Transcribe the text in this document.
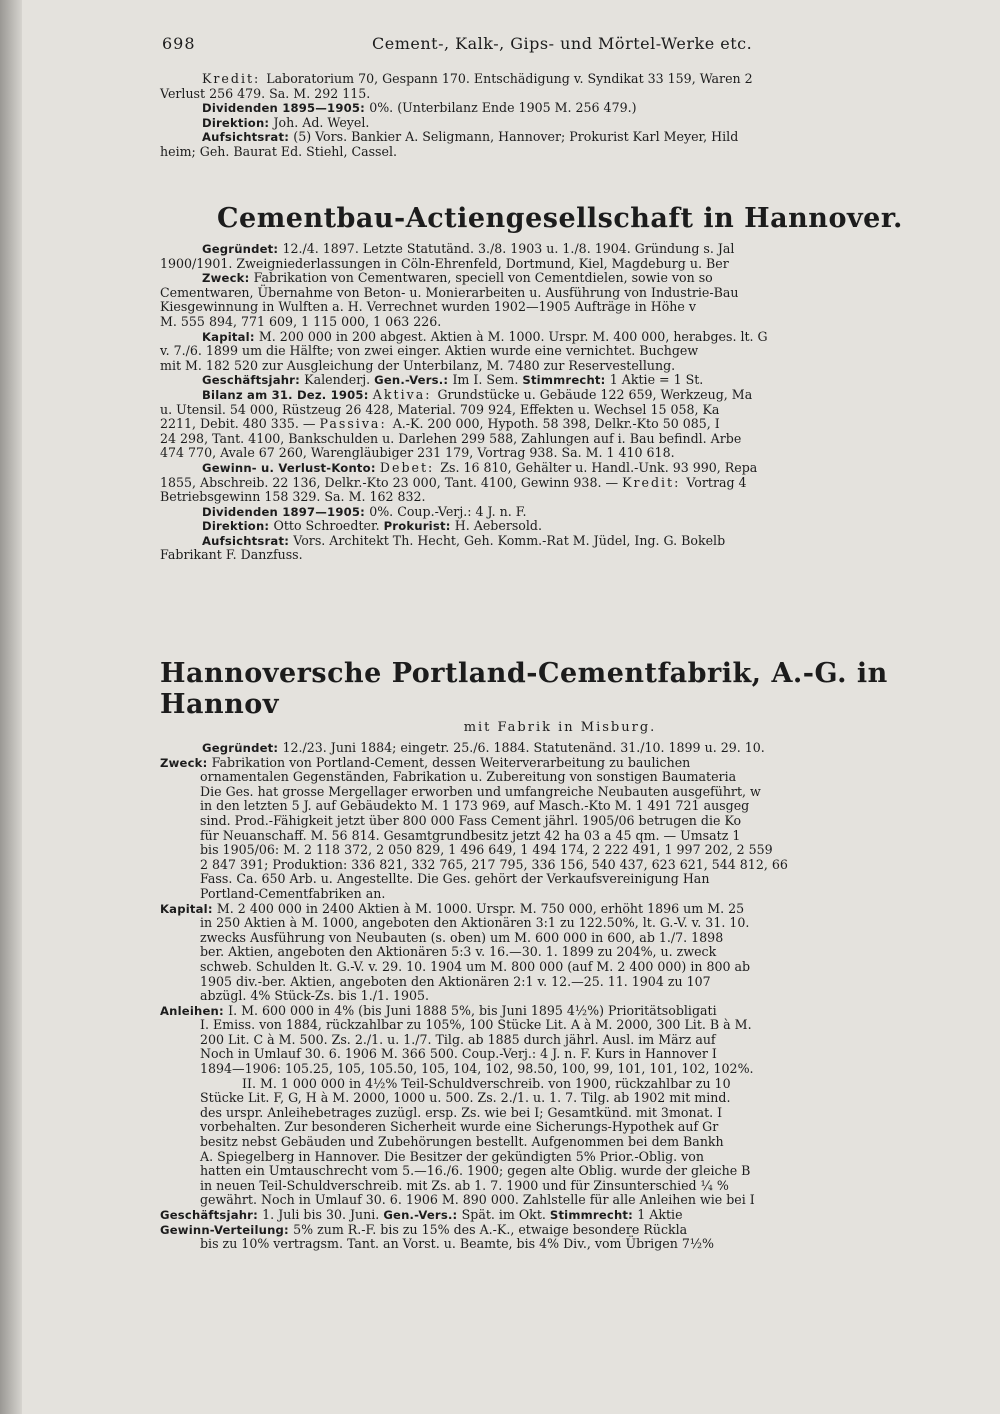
698	Cement-, Kalk-, Gips- und Mörtel-Werke etc.

Kredit: Laboratorium 70, Gespann 170. Entschädigung v. Syndikat 33 159, Waren 2

Verlust 256 479. Sa. M. 292 115.

Dividenden 1895—1905: 0%. (Unterbilanz Ende 1905 M. 256 479.)

Direktion: Joh. Ad. Weyel.

Aufsichtsrat: (5) Vors. Bankier A. Seligmann, Hannover; Prokurist Karl Meyer, Hild

heim; Geh. Baurat Ed. Stiehl, Cassel.

Cementbau-Actiengesellschaft in Hannover.

Gegründet: 12./4. 1897. Letzte Statutänd. 3./8. 1903 u. 1./8. 1904. Gründung s. Jal

1900/1901. Zweigniederlassungen in Cöln-Ehrenfeld, Dortmund, Kiel, Magdeburg u. Ber

Zweck: Fabrikation von Cementwaren, speciell von Cementdielen, sowie von so

Cementwaren, Übernahme von Beton- u. Monierarbeiten u. Ausführung von Industrie-Bau

Kiesgewinnung in Wulften a. H. Verrechnet wurden 1902—1905 Aufträge in Höhe v

M. 555 894, 771 609, 1 115 000, 1 063 226.

Kapital: M. 200 000 in 200 abgest. Aktien à M. 1000. Urspr. M. 400 000, herabges. lt. G

v. 7./6. 1899 um die Hälfte; von zwei einger. Aktien wurde eine vernichtet. Buchgew

mit M. 182 520 zur Ausgleichung der Unterbilanz, M. 7480 zur Reservestellung.

Geschäftsjahr: Kalenderj. Gen.-Vers.: Im I. Sem. Stimmrecht: 1 Aktie = 1 St.

Bilanz am 31. Dez. 1905: Aktiva: Grundstücke u. Gebäude 122 659, Werkzeug, Ma

u. Utensil. 54 000, Rüstzeug 26 428, Material. 709 924, Effekten u. Wechsel 15 058, Ka

2211, Debit. 480 335. — Passiva: A.-K. 200 000, Hypoth. 58 398, Delkr.-Kto 50 085, I

24 298, Tant. 4100, Bankschulden u. Darlehen 299 588, Zahlungen auf i. Bau befindl. Arbe

474 770, Avale 67 260, Warengläubiger 231 179, Vortrag 938. Sa. M. 1 410 618.

Gewinn- u. Verlust-Konto: Debet: Zs. 16 810, Gehälter u. Handl.-Unk. 93 990, Repa

1855, Abschreib. 22 136, Delkr.-Kto 23 000, Tant. 4100, Gewinn 938. — Kredit: Vortrag 4

Betriebsgewinn 158 329. Sa. M. 162 832.

Dividenden 1897—1905: 0%. Coup.-Verj.: 4 J. n. F.

Direktion: Otto Schroedter. Prokurist: H. Aebersold.

Aufsichtsrat: Vors. Architekt Th. Hecht, Geh. Komm.-Rat M. Jüdel, Ing. G. Bokelb

Fabrikant F. Danzfuss.

Hannoversche Portland-Cementfabrik, A.-G. in Hannov

mit Fabrik in Misburg.

Gegründet: 12./23. Juni 1884; eingetr. 25./6. 1884. Statutenänd. 31./10. 1899 u. 29. 10.

Zweck: Fabrikation von Portland-Cement, dessen Weiterverarbeitung zu baulichen

ornamentalen Gegenständen, Fabrikation u. Zubereitung von sonstigen Baumateria

Die Ges. hat grosse Mergellager erworben und umfangreiche Neubauten ausgeführt, w

in den letzten 5 J. auf Gebäudekto M. 1 173 969, auf Masch.-Kto M. 1 491 721 ausgeg

sind. Prod.-Fähigkeit jetzt über 800 000 Fass Cement jährl. 1905/06 betrugen die Ko

für Neuanschaff. M. 56 814. Gesamtgrundbesitz jetzt 42 ha 03 a 45 qm. — Umsatz 1

bis 1905/06: M. 2 118 372, 2 050 829, 1 496 649, 1 494 174, 2 222 491, 1 997 202, 2 559

2 847 391; Produktion: 336 821, 332 765, 217 795, 336 156, 540 437, 623 621, 544 812, 66

Fass. Ca. 650 Arb. u. Angestellte. Die Ges. gehört der Verkaufsvereinigung Han

Portland-Cementfabriken an.

Kapital: M. 2 400 000 in 2400 Aktien à M. 1000. Urspr. M. 750 000, erhöht 1896 um M. 25

in 250 Aktien à M. 1000, angeboten den Aktionären 3:1 zu 122.50%, lt. G.-V. v. 31. 10.

zwecks Ausführung von Neubauten (s. oben) um M. 600 000 in 600, ab 1./7. 1898

ber. Aktien, angeboten den Aktionären 5:3 v. 16.—30. 1. 1899 zu 204%, u. zweck

schweb. Schulden lt. G.-V. v. 29. 10. 1904 um M. 800 000 (auf M. 2 400 000) in 800 ab

1905 div.-ber. Aktien, angeboten den Aktionären 2:1 v. 12.—25. 11. 1904 zu 107

abzügl. 4% Stück-Zs. bis 1./1. 1905.

Anleihen: I. M. 600 000 in 4% (bis Juni 1888 5%, bis Juni 1895 4½%) Prioritätsobligati

I. Emiss. von 1884, rückzahlbar zu 105%, 100 Stücke Lit. A à M. 2000, 300 Lit. B à M.

200 Lit. C à M. 500. Zs. 2./1. u. 1./7. Tilg. ab 1885 durch jährl. Ausl. im März auf

Noch in Umlauf 30. 6. 1906 M. 366 500. Coup.-Verj.: 4 J. n. F. Kurs in Hannover I

1894—1906: 105.25, 105, 105.50, 105, 104, 102, 98.50, 100, 99, 101, 101, 102, 102%.

II. M. 1 000 000 in 4½% Teil-Schuldverschreib. von 1900, rückzahlbar zu 10

Stücke Lit. F, G, H à M. 2000, 1000 u. 500. Zs. 2./1. u. 1. 7. Tilg. ab 1902 mit mind.

des urspr. Anleihebetrages zuzügl. ersp. Zs. wie bei I; Gesamtkünd. mit 3monat. I

vorbehalten. Zur besonderen Sicherheit wurde eine Sicherungs-Hypothek auf Gr

besitz nebst Gebäuden und Zubehörungen bestellt. Aufgenommen bei dem Bankh

A. Spiegelberg in Hannover. Die Besitzer der gekündigten 5% Prior.-Oblig. von

hatten ein Umtauschrecht vom 5.—16./6. 1900; gegen alte Oblig. wurde der gleiche B

in neuen Teil-Schuldverschreib. mit Zs. ab 1. 7. 1900 und für Zinsunterschied ¼ %

gewährt. Noch in Umlauf 30. 6. 1906 M. 890 000. Zahlstelle für alle Anleihen wie bei I

Geschäftsjahr: 1. Juli bis 30. Juni. Gen.-Vers.: Spät. im Okt. Stimmrecht: 1 Aktie

Gewinn-Verteilung: 5% zum R.-F. bis zu 15% des A.-K., etwaige besondere Rückla

bis zu 10% vertragsm. Tant. an Vorst. u. Beamte, bis 4% Div., vom Übrigen 7½%
